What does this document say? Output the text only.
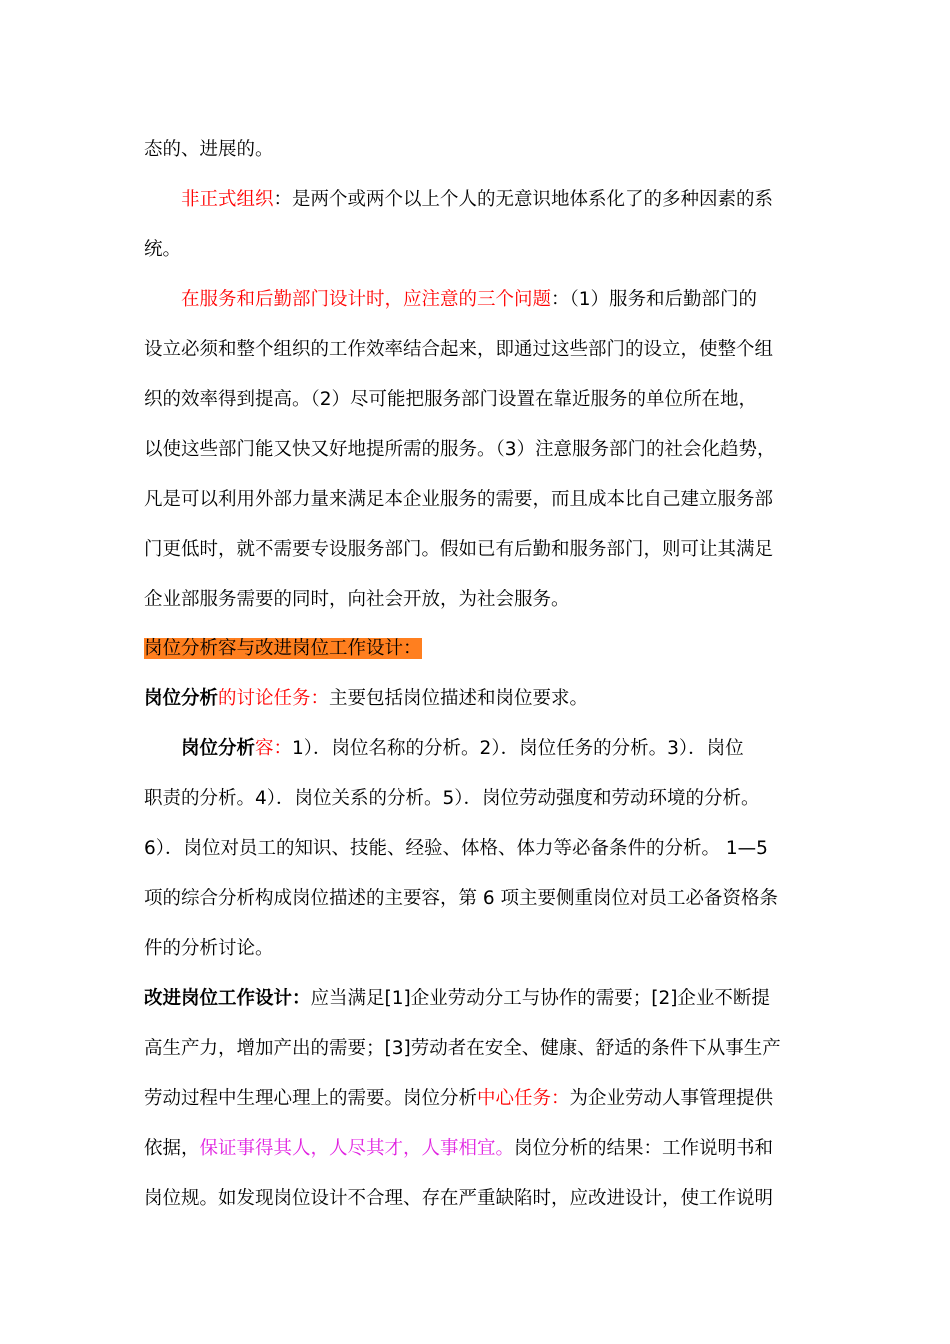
态的、进展的。
非正式组织：是两个或两个以上个人的无意识地体系化了的多种因素的系
统。
在服务和后勤部门设计时，应注意的三个问题：（1）服务和后勤部门的
设立必须和整个组织的工作效率结合起来，即通过这些部门的设立，使整个组
织的效率得到提高。（2）尽可能把服务部门设置在靠近服务的单位所在地，
以使这些部门能又快又好地提所需的服务。（3）注意服务部门的社会化趋势，
凡是可以利用外部力量来满足本企业服务的需要，而且成本比自己建立服务部
门更低时，就不需要专设服务部门。假如已有后勤和服务部门，则可让其满足
企业部服务需要的同时，向社会开放，为社会服务。
岗位分析容与改进岗位工作设计：
岗位分析的讨论任务：主要包括岗位描述和岗位要求。
岗位分析容：1）．岗位名称的分析。2）．岗位任务的分析。3）．岗位
职责的分析。4）．岗位关系的分析。5）．岗位劳动强度和劳动环境的分析。
6）．岗位对员工的知识、技能、经验、体格、体力等必备条件的分析。 1—5
项的综合分析构成岗位描述的主要容，第 6 项主要侧重岗位对员工必备资格条
件的分析讨论。
改进岗位工作设计：应当满足[1]企业劳动分工与协作的需要；[2]企业不断提
高生产力，增加产出的需要；[3]劳动者在安全、健康、舒适的条件下从事生产
劳动过程中生理心理上的需要。岗位分析中心任务：为企业劳动人事管理提供
依据，保证事得其人，人尽其才，人事相宜。岗位分析的结果：工作说明书和
岗位规。如发现岗位设计不合理、存在严重缺陷时，应改进设计，使工作说明
